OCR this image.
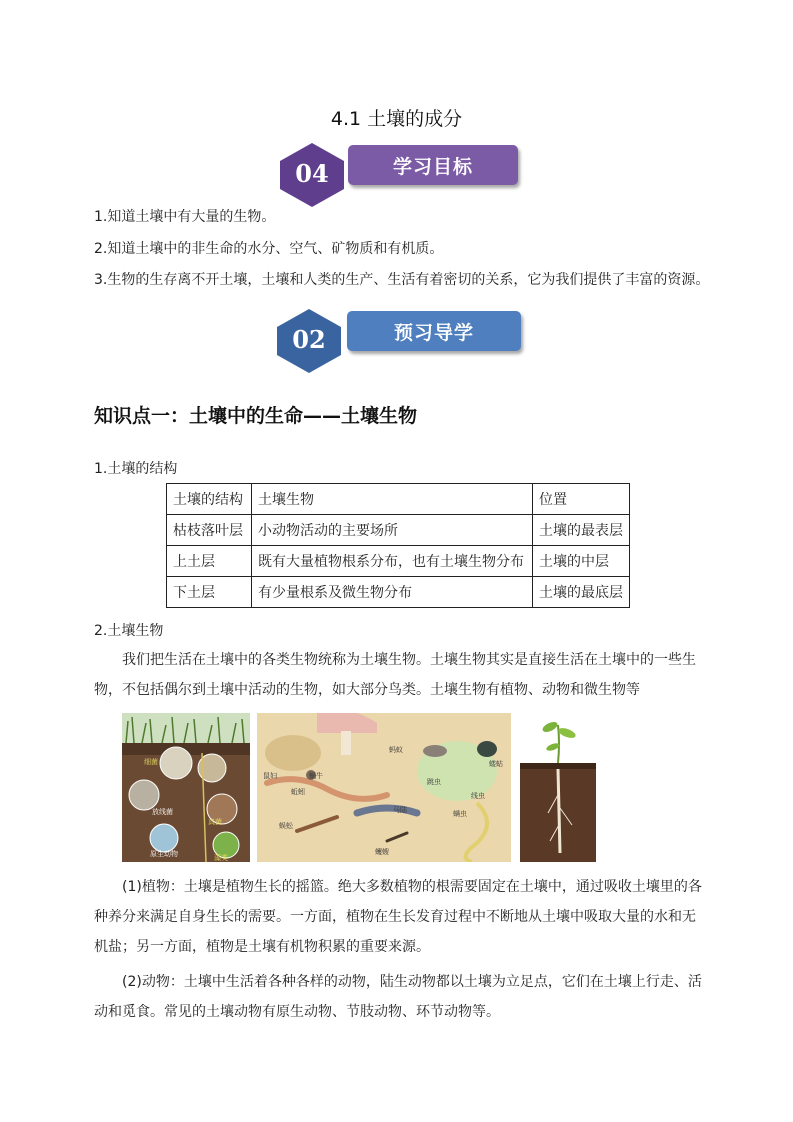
4.1 土壤的成分
04	学习目标
1.知道土壤中有大量的生物。
2.知道土壤中的非生命的水分、空气、矿物质和有机质。
3.生物的生存离不开土壤，土壤和人类的生产、生活有着密切的关系，它为我们提供了丰富的资源。
02	预习导学
知识点一：土壤中的生命——土壤生物
1.土壤的结构
土壤的结构	土壤生物	位置
枯枝落叶层	小动物活动的主要场所	土壤的最表层
上土层	既有大量植物根系分布，也有土壤生物分布	土壤的中层
下土层	有少量根系及微生物分布	土壤的最底层
2.土壤生物
我们把生活在土壤中的各类生物统称为土壤生物。土壤生物其实是直接生活在土壤中的一些生物，不包括偶尔到土壤中活动的生物，如大部分鸟类。土壤生物有植物、动物和微生物等
真菌
放线菌
细菌
原生动物	藻类
蚂蚁
鼠妇	蜗牛
蚯蚓
马陆
蜈蚣
线虫
蝼蛄
螨虫
跳虫
蠼螋
(1)植物：土壤是植物生长的摇篮。绝大多数植物的根需要固定在土壤中，通过吸收土壤里的各种养分来满足自身生长的需要。一方面，植物在生长发育过程中不断地从土壤中吸取大量的水和无机盐；另一方面，植物是土壤有机物积累的重要来源。
(2)动物：土壤中生活着各种各样的动物，陆生动物都以土壤为立足点，它们在土壤上行走、活动和觅食。常见的土壤动物有原生动物、节肢动物、环节动物等。
